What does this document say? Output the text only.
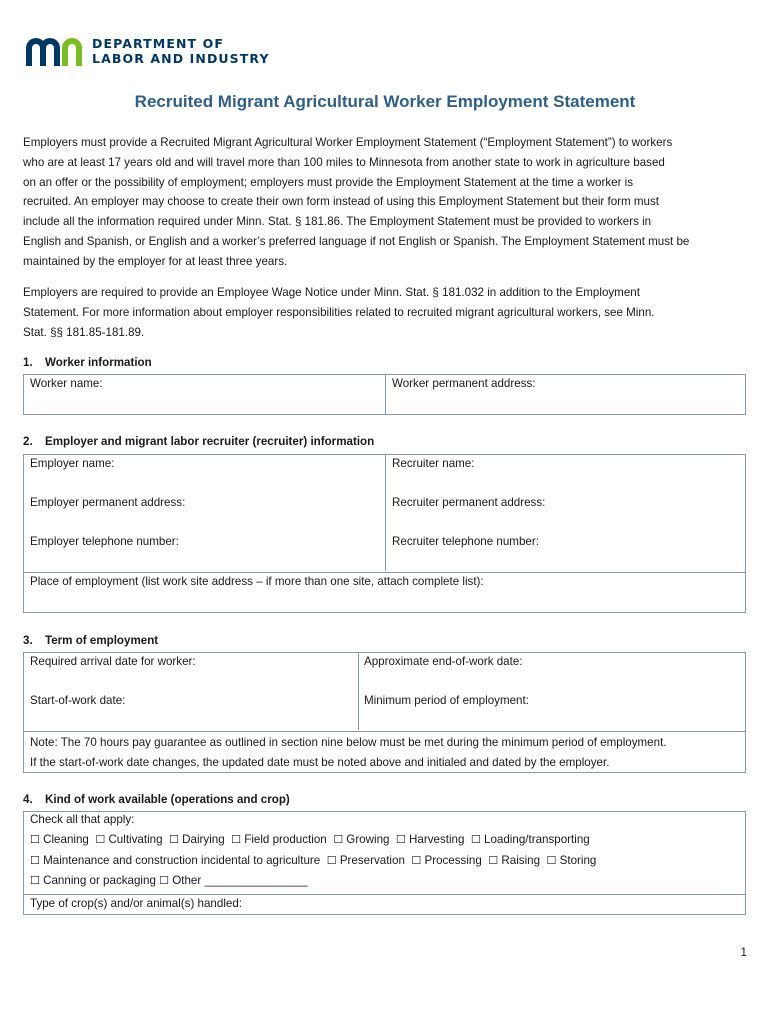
DEPARTMENT OF
LABOR AND INDUSTRY
Recruited Migrant Agricultural Worker Employment Statement
Employers must provide a Recruited Migrant Agricultural Worker Employment Statement (“Employment Statement”) to workers
who are at least 17 years old and will travel more than 100 miles to Minnesota from another state to work in agriculture based
on an offer or the possibility of employment; employers must provide the Employment Statement at the time a worker is
recruited. An employer may choose to create their own form instead of using this Employment Statement but their form must
include all the information required under Minn. Stat. § 181.86. The Employment Statement must be provided to workers in
English and Spanish, or English and a worker’s preferred language if not English or Spanish. The Employment Statement must be
maintained by the employer for at least three years.
Employers are required to provide an Employee Wage Notice under Minn. Stat. § 181.032 in addition to the Employment
Statement. For more information about employer responsibilities related to recruited migrant agricultural workers, see Minn.
Stat. §§ 181.85-181.89.
1. Worker information
Worker name:	Worker permanent address:
2. Employer and migrant labor recruiter (recruiter) information
Employer name:	Recruiter name:
Employer permanent address:	Recruiter permanent address:
Employer telephone number:	Recruiter telephone number:
Place of employment (list work site address – if more than one site, attach complete list):
3. Term of employment
Required arrival date for worker:	Approximate end-of-work date:
Start-of-work date:	Minimum period of employment:
Note: The 70 hours pay guarantee as outlined in section nine below must be met during the minimum period of employment.
If the start-of-work date changes, the updated date must be noted above and initialed and dated by the employer.
4. Kind of work available (operations and crop)
Check all that apply:
☐ Cleaning ☐ Cultivating ☐ Dairying ☐ Field production ☐ Growing ☐ Harvesting ☐ Loading/transporting
☐ Maintenance and construction incidental to agriculture ☐ Preservation ☐ Processing ☐ Raising ☐ Storing
☐ Canning or packaging ☐ Other ________________
Type of crop(s) and/or animal(s) handled:
1
